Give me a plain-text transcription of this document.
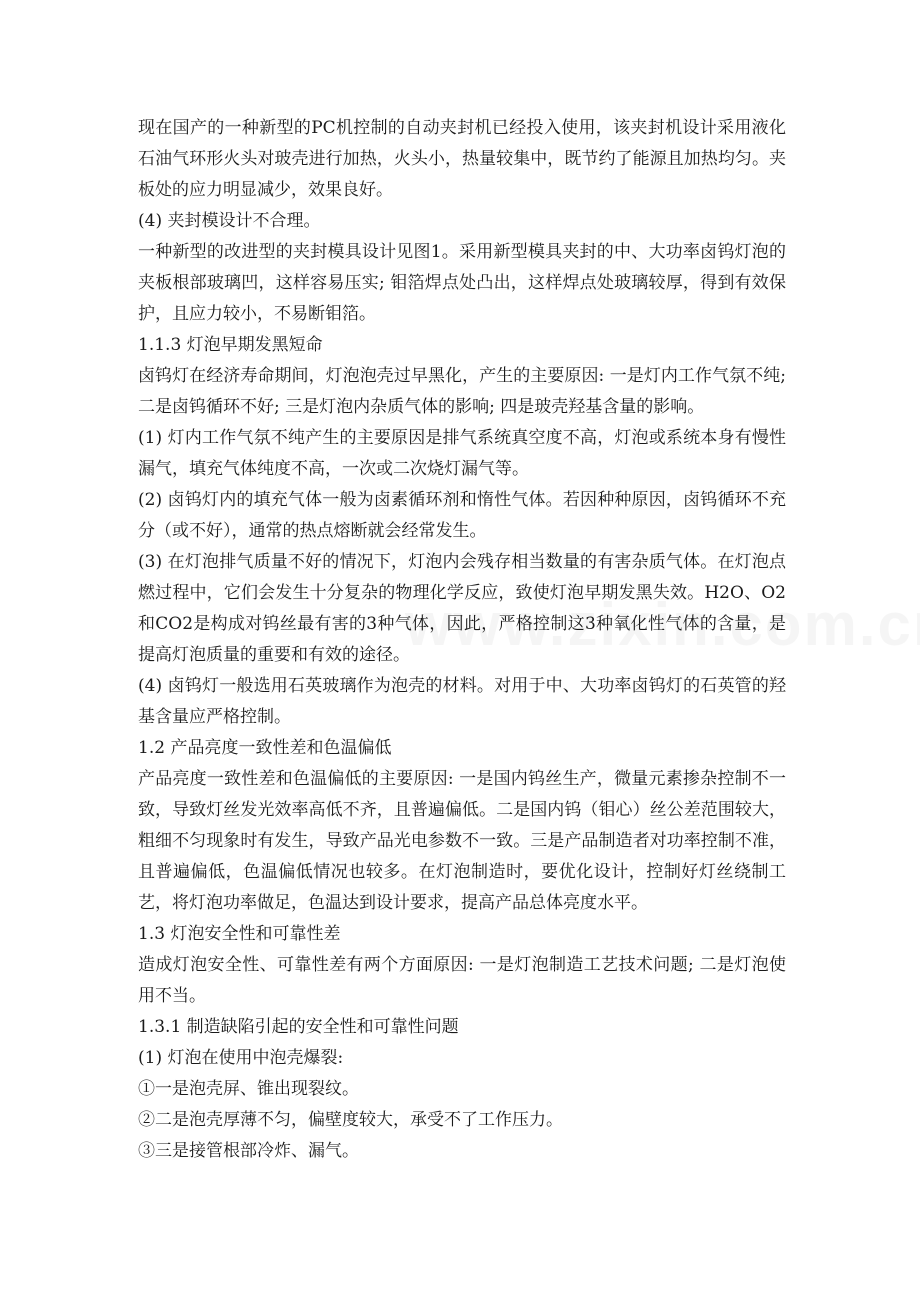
现在国产的一种新型的PC机控制的自动夹封机已经投入使用，该夹封机设计采用液化石油气环形火头对玻壳进行加热，火头小，热量较集中，既节约了能源且加热均匀。夹板处的应力明显减少，效果良好。

(4) 夹封模设计不合理。

一种新型的改进型的夹封模具设计见图1。采用新型模具夹封的中、大功率卤钨灯泡的夹板根部玻璃凹，这样容易压实; 钼箔焊点处凸出，这样焊点处玻璃较厚，得到有效保护，且应力较小，不易断钼箔。

1.1.3 灯泡早期发黑短命

卤钨灯在经济寿命期间，灯泡泡壳过早黑化，产生的主要原因: 一是灯内工作气氛不纯; 二是卤钨循环不好; 三是灯泡内杂质气体的影响; 四是玻壳羟基含量的影响。

(1) 灯内工作气氛不纯产生的主要原因是排气系统真空度不高，灯泡或系统本身有慢性漏气，填充气体纯度不高，一次或二次烧灯漏气等。

(2) 卤钨灯内的填充气体一般为卤素循环剂和惰性气体。若因种种原因，卤钨循环不充分（或不好），通常的热点熔断就会经常发生。

(3) 在灯泡排气质量不好的情况下，灯泡内会残存相当数量的有害杂质气体。在灯泡点燃过程中，它们会发生十分复杂的物理化学反应，致使灯泡早期发黑失效。H2O、O2和CO2是构成对钨丝最有害的3种气体，因此，严格控制这3种氧化性气体的含量，是提高灯泡质量的重要和有效的途径。

(4) 卤钨灯一般选用石英玻璃作为泡壳的材料。对用于中、大功率卤钨灯的石英管的羟基含量应严格控制。

1.2 产品亮度一致性差和色温偏低

产品亮度一致性差和色温偏低的主要原因: 一是国内钨丝生产，微量元素掺杂控制不一致，导致灯丝发光效率高低不齐，且普遍偏低。二是国内钨（钼心）丝公差范围较大，粗细不匀现象时有发生，导致产品光电参数不一致。三是产品制造者对功率控制不准，且普遍偏低，色温偏低情况也较多。在灯泡制造时，要优化设计，控制好灯丝绕制工艺，将灯泡功率做足，色温达到设计要求，提高产品总体亮度水平。

1.3 灯泡安全性和可靠性差

造成灯泡安全性、可靠性差有两个方面原因: 一是灯泡制造工艺技术问题; 二是灯泡使用不当。

1.3.1 制造缺陷引起的安全性和可靠性问题

(1) 灯泡在使用中泡壳爆裂:

①一是泡壳屏、锥出现裂纹。

②二是泡壳厚薄不匀，偏壁度较大，承受不了工作压力。

③三是接管根部冷炸、漏气。
